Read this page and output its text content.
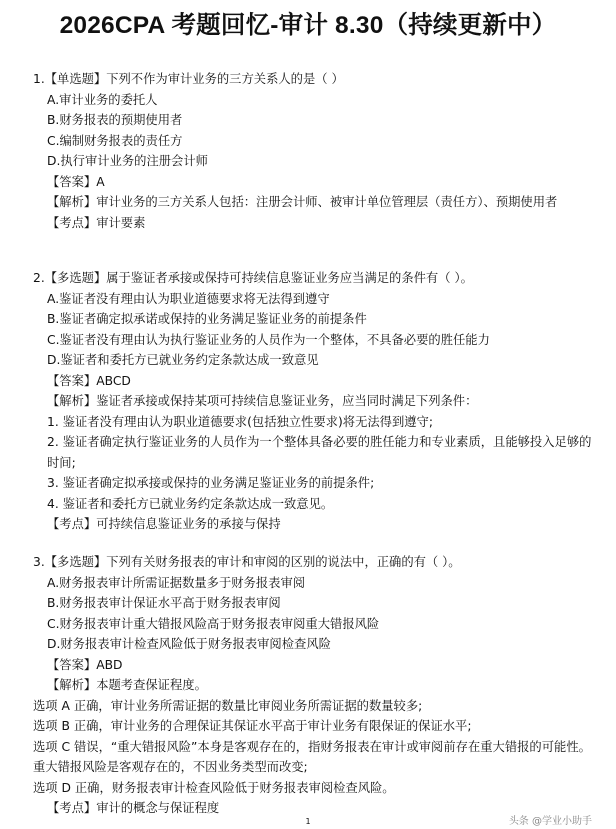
2026CPA 考题回忆-审计 8.30（持续更新中）
1.【单选题】下列不作为审计业务的三方关系人的是（ ）
A.审计业务的委托人
B.财务报表的预期使用者
C.编制财务报表的责任方
D.执行审计业务的注册会计师
【答案】A
【解析】审计业务的三方关系人包括：注册会计师、被审计单位管理层（责任方）、预期使用者
【考点】审计要素
2.【多选题】属于鉴证者承接或保持可持续信息鉴证业务应当满足的条件有（ ）。
A.鉴证者没有理由认为职业道德要求将无法得到遵守
B.鉴证者确定拟承诺或保持的业务满足鉴证业务的前提条件
C.鉴证者没有理由认为执行鉴证业务的人员作为一个整体，不具备必要的胜任能力
D.鉴证者和委托方已就业务约定条款达成一致意见
【答案】ABCD
【解析】鉴证者承接或保持某项可持续信息鉴证业务，应当同时满足下列条件：
1. 鉴证者没有理由认为职业道德要求(包括独立性要求)将无法得到遵守;
2. 鉴证者确定执行鉴证业务的人员作为一个整体具备必要的胜任能力和专业素质，且能够投入足够的时间;
3. 鉴证者确定拟承接或保持的业务满足鉴证业务的前提条件;
4. 鉴证者和委托方已就业务约定条款达成一致意见。
【考点】可持续信息鉴证业务的承接与保持
3.【多选题】下列有关财务报表的审计和审阅的区别的说法中，正确的有（ ）。
A.财务报表审计所需证据数量多于财务报表审阅
B.财务报表审计保证水平高于财务报表审阅
C.财务报表审计重大错报风险高于财务报表审阅重大错报风险
D.财务报表审计检查风险低于财务报表审阅检查风险
【答案】ABD
【解析】本题考查保证程度。
选项 A 正确，审计业务所需证据的数量比审阅业务所需证据的数量较多;
选项 B 正确，审计业务的合理保证其保证水平高于审计业务有限保证的保证水平;
选项 C 错误，“重大错报风险”本身是客观存在的，指财务报表在审计或审阅前存在重大错报的可能性。重大错报风险是客观存在的，不因业务类型而改变;
选项 D 正确，财务报表审计检查风险低于财务报表审阅检查风险。
【考点】审计的概念与保证程度
1	头条 @学业小助手
